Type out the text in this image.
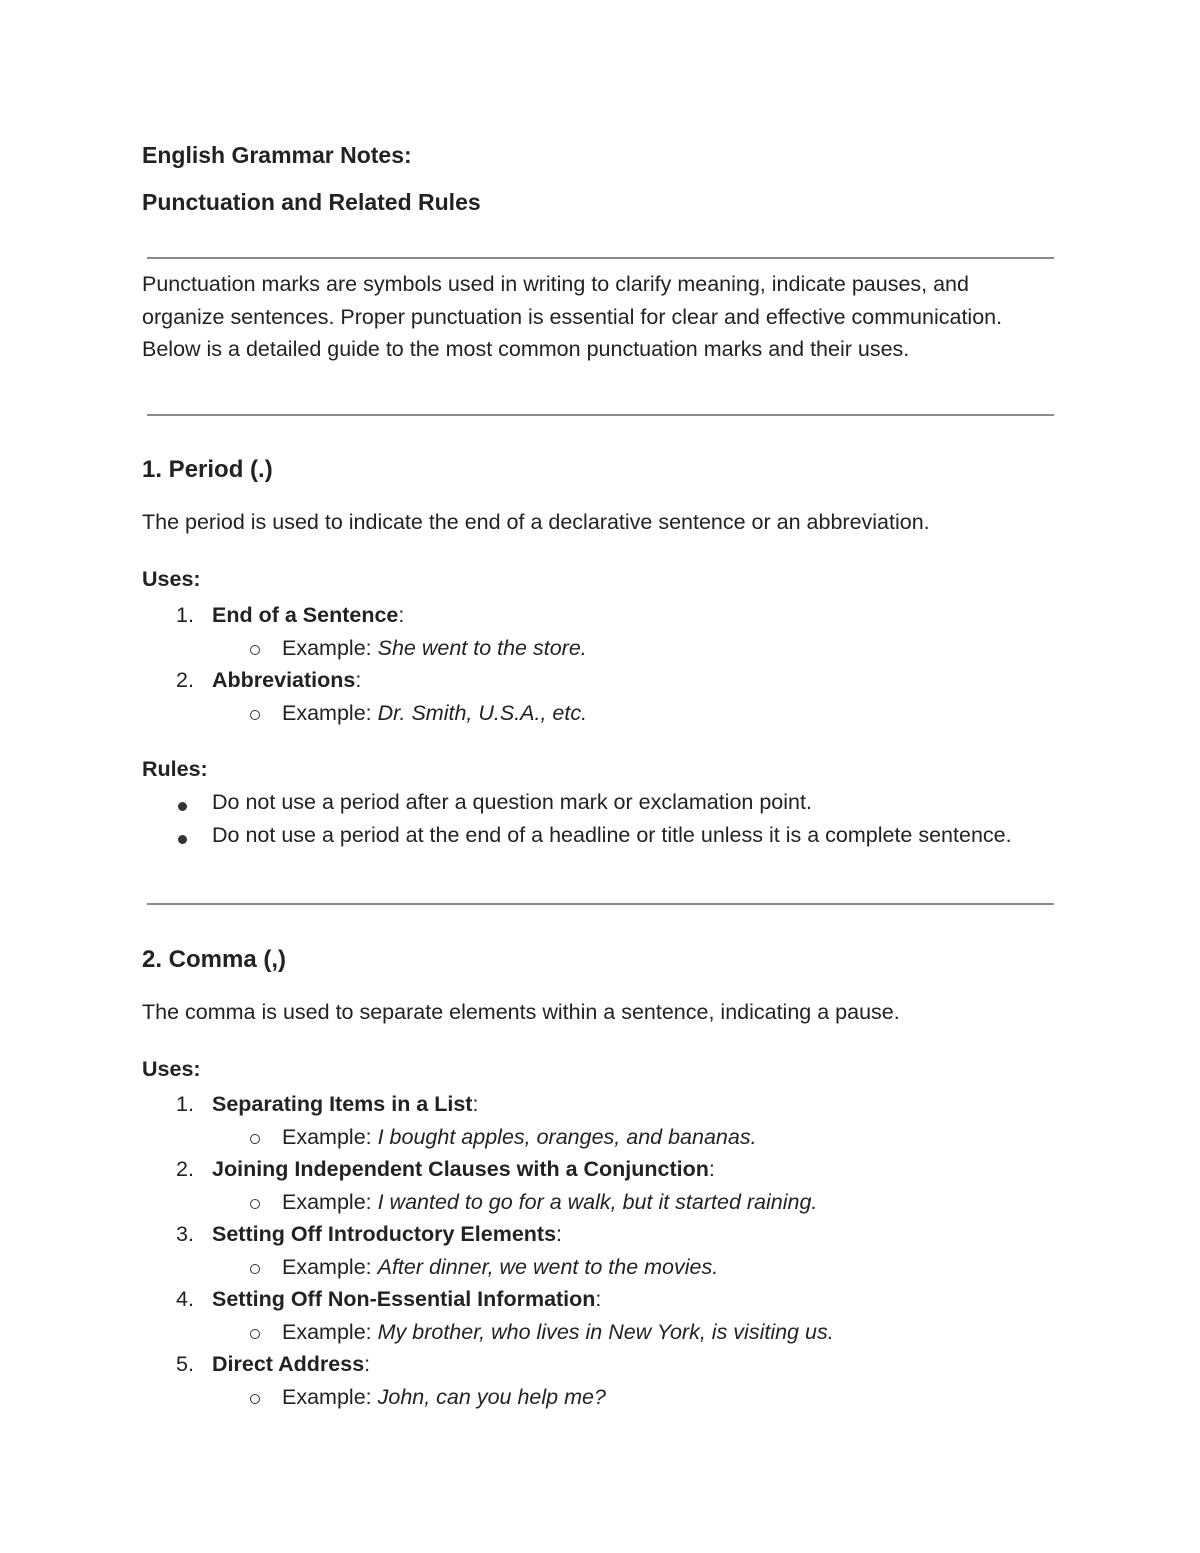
English Grammar Notes:
Punctuation and Related Rules

Punctuation marks are symbols used in writing to clarify meaning, indicate pauses, and organize sentences. Proper punctuation is essential for clear and effective communication. Below is a detailed guide to the most common punctuation marks and their uses.

1. Period (.)
The period is used to indicate the end of a declarative sentence or an abbreviation.
Uses:
1. End of a Sentence:
Example: She went to the store.
2. Abbreviations:
Example: Dr. Smith, U.S.A., etc.
Rules:
Do not use a period after a question mark or exclamation point.
Do not use a period at the end of a headline or title unless it is a complete sentence.
2. Comma (,)
The comma is used to separate elements within a sentence, indicating a pause.
Uses:
1. Separating Items in a List:
Example: I bought apples, oranges, and bananas.
2. Joining Independent Clauses with a Conjunction:
Example: I wanted to go for a walk, but it started raining.
3. Setting Off Introductory Elements:
Example: After dinner, we went to the movies.
4. Setting Off Non-Essential Information:
Example: My brother, who lives in New York, is visiting us.
5. Direct Address:
Example: John, can you help me?
